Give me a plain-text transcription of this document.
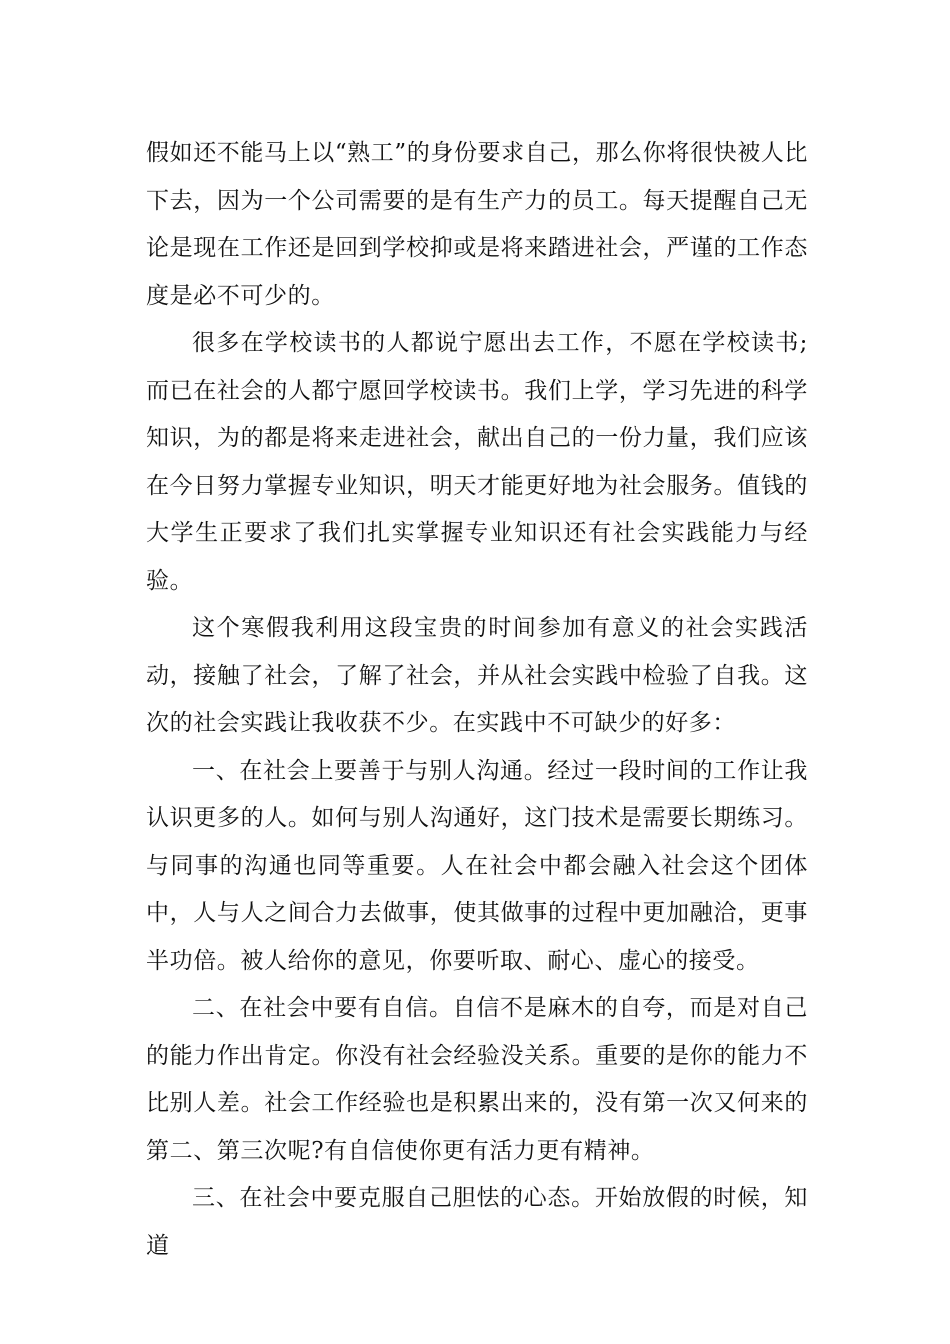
假如还不能马上以“熟工”的身份要求自己，那么你将很快被人比下去，因为一个公司需要的是有生产力的员工。每天提醒自己无论是现在工作还是回到学校抑或是将来踏进社会，严谨的工作态度是必不可少的。

很多在学校读书的人都说宁愿出去工作，不愿在学校读书;而已在社会的人都宁愿回学校读书。我们上学，学习先进的科学知识，为的都是将来走进社会，献出自己的一份力量，我们应该在今日努力掌握专业知识，明天才能更好地为社会服务。值钱的大学生正要求了我们扎实掌握专业知识还有社会实践能力与经验。

这个寒假我利用这段宝贵的时间参加有意义的社会实践活动，接触了社会，了解了社会，并从社会实践中检验了自我。这次的社会实践让我收获不少。在实践中不可缺少的好多：

一、在社会上要善于与别人沟通。经过一段时间的工作让我认识更多的人。如何与别人沟通好，这门技术是需要长期练习。与同事的沟通也同等重要。人在社会中都会融入社会这个团体中，人与人之间合力去做事，使其做事的过程中更加融洽，更事半功倍。被人给你的意见，你要听取、耐心、虚心的接受。

二、在社会中要有自信。自信不是麻木的自夸，而是对自己的能力作出肯定。你没有社会经验没关系。重要的是你的能力不比别人差。社会工作经验也是积累出来的，没有第一次又何来的第二、第三次呢?有自信使你更有活力更有精神。

三、在社会中要克服自己胆怯的心态。开始放假的时候，知道
